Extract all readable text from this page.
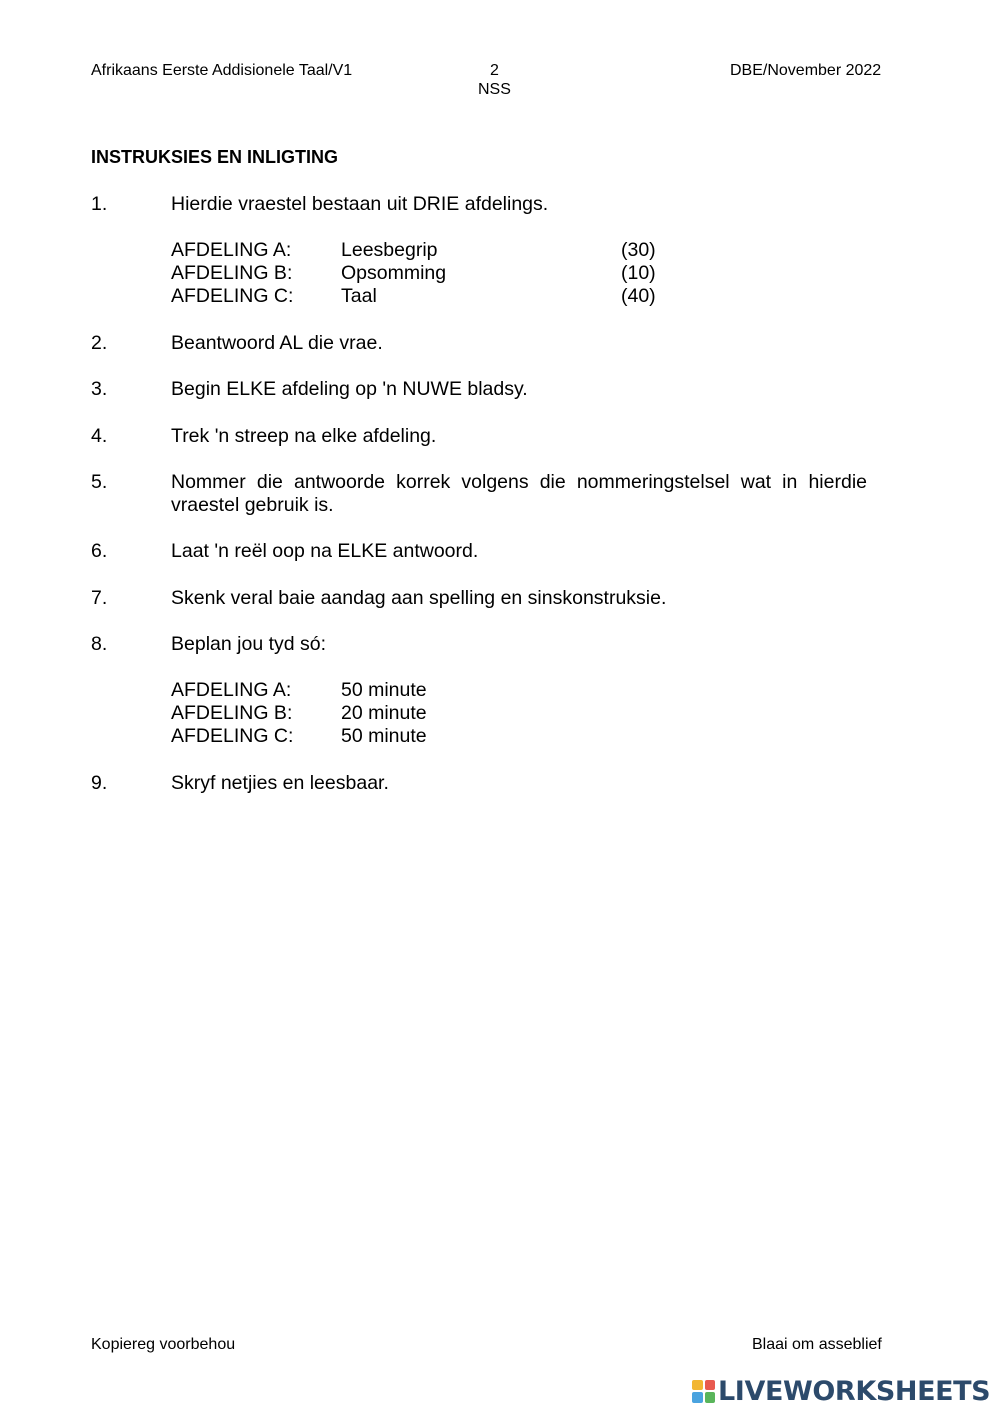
Afrikaans Eerste Addisionele Taal/V1	2
NSS
DBE/November 2022
INSTRUKSIES EN INLIGTING
1.	Hierdie vraestel bestaan uit DRIE afdelings.
AFDELING A:	Leesbegrip	(30)
AFDELING B: Opsomming	(10)
AFDELING C: Taal	(40)
2.	Beantwoord AL die vrae.
3.	Begin ELKE afdeling op 'n NUWE bladsy.
4.	Trek 'n streep na elke afdeling.
5.	Nommer die antwoorde korrek volgens die nommeringstelsel wat in hierdie vraestel gebruik is.
6.	Laat 'n reël oop na ELKE antwoord.
7.	Skenk veral baie aandag aan spelling en sinskonstruksie.
8.	Beplan jou tyd só:
AFDELING A:	50 minute
AFDELING B: 20 minute
AFDELING C: 50 minute
9.	Skryf netjies en leesbaar.
Kopiereg voorbehou	Blaai om asseblief
LIVEWORKSHEETS
